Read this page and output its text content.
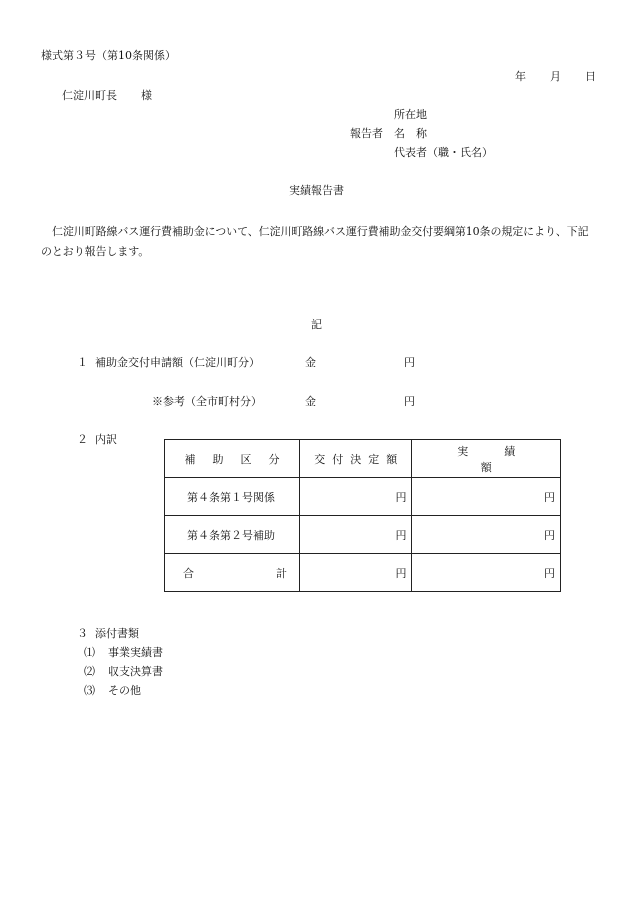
様式第３号（第10条関係）
年 月 日
仁淀川町長 様
所在地
報告者 名　称
代表者（職・氏名）
実績報告書
仁淀川町路線バス運行費補助金について、仁淀川町路線バス運行費補助金交付要綱第10条の規定により、下記のとおり報告します。
記
１ 補助金交付申請額（仁淀川町分）	金	円
※参考（全市町村分）	金	円
２ 内訳
補助区分	交付決定額	実績額
第４条第１号関係	円	円
第４条第２号補助	円	円
合 計	円	円
３ 添付書類
⑴ 事業実績書
⑵ 収支決算書
⑶ その他
